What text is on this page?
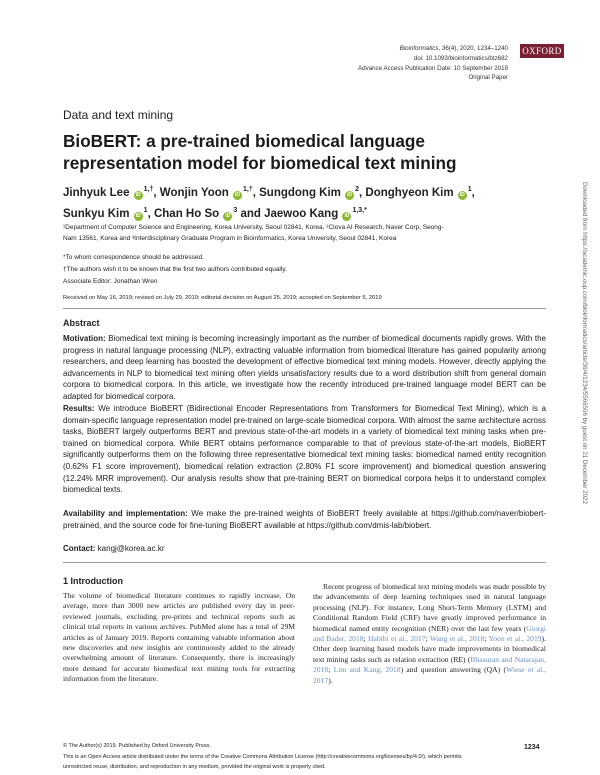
Bioinformatics, 36(4), 2020, 1234–1240
doi: 10.1093/bioinformatics/btz682
Advance Access Publication Date: 10 September 2019
Original Paper
OXFORD
Data and text mining
BioBERT: a pre-trained biomedical language
representation model for biomedical text mining
Jinhyuk Lee $iD^{1,\dagger}$, Wonjin Yoon $iD^{1,\dagger}$, Sungdong Kim $iD^2$, Donghyeon Kim $iD^1$,
Sunkyu Kim $iD^1$, Chan Ho So $iD^3$ and Jaewoo Kang $iD^{1,3,*}$
¹Department of Computer Science and Engineering, Korea University, Seoul 02841, Korea, ²Clova AI Research, Naver Corp, Seong-
Nam 13561, Korea and ³Interdisciplinary Graduate Program in Bioinformatics, Korea University, Seoul 02841, Korea
*To whom correspondence should be addressed.
†The authors wish it to be known that the first two authors contributed equally.
Associate Editor: Jonathan Wren
Received on May 16, 2019; revised on July 29, 2019; editorial decision on August 25, 2019; accepted on September 5, 2019
Abstract
Motivation: Biomedical text mining is becoming increasingly important as the number of biomedical documents rapidly grows. With the progress in natural language processing (NLP), extracting valuable information from biomedical literature has gained popularity among researchers, and deep learning has boosted the development of effective biomedical text mining models. However, directly applying the advancements in NLP to biomedical text mining often yields unsatisfactory results due to a word distribution shift from general domain corpora to biomedical corpora. In this article, we investigate how the recently introduced pre-trained language model BERT can be adapted for biomedical corpora.
Results: We introduce BioBERT (Bidirectional Encoder Representations from Transformers for Biomedical Text Mining), which is a domain-specific language representation model pre-trained on large-scale biomedical corpora. With almost the same architecture across tasks, BioBERT largely outperforms BERT and previous state-of-the-art models in a variety of biomedical text mining tasks when pre-trained on biomedical corpora. While BERT obtains performance comparable to that of previous state-of-the-art models, BioBERT significantly outperforms them on the following three representative biomedical text mining tasks: biomedical named entity recognition (0.62% F1 score improvement), biomedical relation extraction (2.80% F1 score improvement) and biomedical question answering (12.24% MRR improvement). Our analysis results show that pre-training BERT on biomedical corpora helps it to understand complex biomedical texts.
Availability and implementation: We make the pre-trained weights of BioBERT freely available at https://github.com/naver/biobert-pretrained, and the source code for fine-tuning BioBERT available at https://github.com/dmis-lab/biobert.
Contact: kangj@korea.ac.kr
1 Introduction
The volume of biomedical literature continues to rapidly increase. On average, more than 3000 new articles are published every day in peer-reviewed journals, excluding pre-prints and technical reports such as clinical trial reports in various archives. PubMed alone has a total of 29M articles as of January 2019. Reports containing valuable information about new discoveries and new insights are continuously added to the already overwhelming amount of literature. Consequently, there is increasingly more demand for accurate biomedical text mining tools for extracting information from the literature.
Recent progress of biomedical text mining models was made possible by the advancements of deep learning techniques used in natural language processing (NLP). For instance, Long Short-Term Memory (LSTM) and Conditional Random Field (CRF) have greatly improved performance in biomedical named entity recognition (NER) over the last few years (Giorgi and Bader, 2018; Habibi et al., 2017; Wang et al., 2018; Yoon et al., 2019). Other deep learning based models have made improvements in biomedical text mining tasks such as relation extraction (RE) (Bhasuran and Natarajan, 2018; Lim and Kang, 2018) and question answering (QA) (Wiese et al., 2017).
© The Author(s) 2019. Published by Oxford University Press.	1234
This is an Open Access article distributed under the terms of the Creative Commons Attribution License (http://creativecommons.org/licenses/by/4.0/), which permits
unrestricted reuse, distribution, and reproduction in any medium, provided the original work is properly cited.
Downloaded from https://academic.oup.com/bioinformatics/article/36/4/1234/5566506 by guest on 21 December 2022
